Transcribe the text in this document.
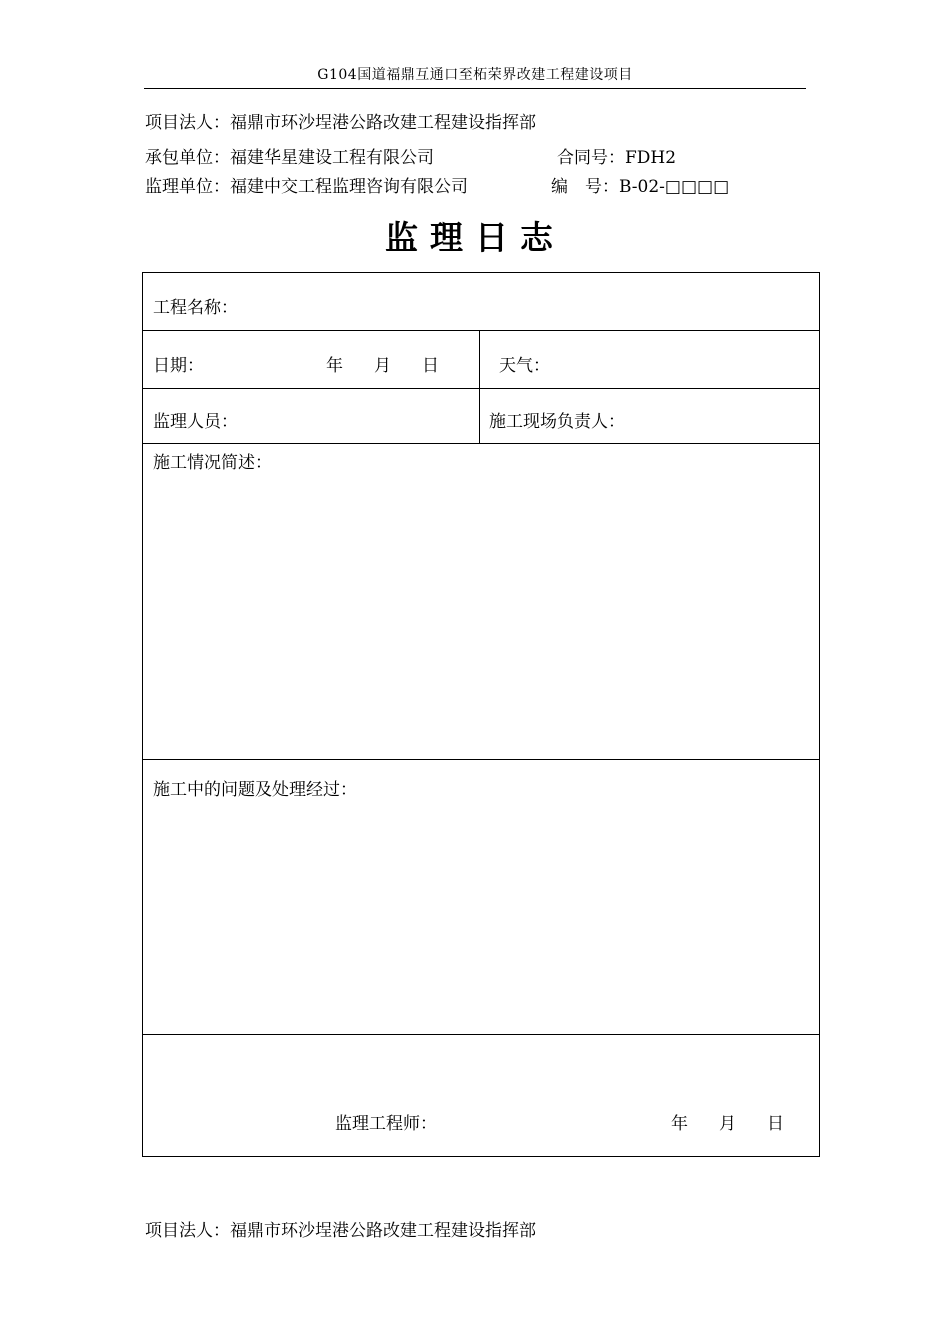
G104国道福鼎互通口至柘荣界改建工程建设项目
项目法人：福鼎市环沙埕港公路改建工程建设指挥部
承包单位：福建华星建设工程有限公司	合同号：FDH2
监理单位：福建中交工程监理咨询有限公司	编　号：B-02-□□□□
监理日志
工程名称：
日期：	年 月 日	天气：
监理人员：	施工现场负责人：
施工情况简述：
施工中的问题及处理经过：
监理工程师：	年 月 日
项目法人：福鼎市环沙埕港公路改建工程建设指挥部
